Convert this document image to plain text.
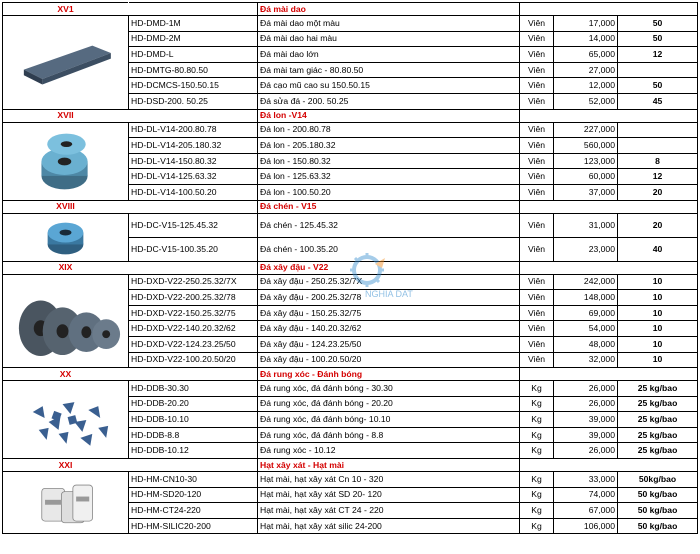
XV1		Đá mài dao			

	HD-DMD-1M	Đá mài dao một màu	Viên	17,000	50
	HD-DMD-2M	Đá mài dao hai màu	Viên	14,000	50
	HD-DMD-L	Đá mài dao lớn	Viên	65,000	12
	HD-DMTG-80.80.50	Đá mài tam giác - 80.80.50	Viên	27,000	
	HD-DCMCS-150.50.15	Đá cạo mũ cao su 150.50.15	Viên	12,000	50
	HD-DSD-200. 50.25	Đá sửa đá - 200. 50.25	Viên	52,000	45
XVII		Đá lon -V14			

	HD-DL-V14-200.80.78	Đá lon - 200.80.78	Viên	227,000	
	HD-DL-V14-205.180.32	Đá lon - 205.180.32	Viên	560,000	
	HD-DL-V14-150.80.32	Đá lon - 150.80.32	Viên	123,000	8
	HD-DL-V14-125.63.32	Đá lon - 125.63.32	Viên	60,000	12
	HD-DL-V14-100.50.20	Đá lon - 100.50.20	Viên	37,000	20
XVIII		Đá chén - V15			

	HD-DC-V15-125.45.32	Đá chén - 125.45.32	Viên	31,000	20
	HD-DC-V15-100.35.20	Đá chén - 100.35.20	Viên	23,000	40
XIX		Đá xây đậu - V22			

	HD-DXD-V22-250.25.32/7X	Đá xây đậu - 250.25.32/7X	Viên	242,000	10
	HD-DXD-V22-200.25.32/78	Đá xây đậu - 200.25.32/78	Viên	148,000	10
	HD-DXD-V22-150.25.32/75	Đá xây đậu - 150.25.32/75	Viên	69,000	10
	HD-DXD-V22-140.20.32/62	Đá xây đậu - 140.20.32/62	Viên	54,000	10
	HD-DXD-V22-124.23.25/50	Đá xây đậu - 124.23.25/50	Viên	48,000	10
	HD-DXD-V22-100.20.50/20	Đá xây đậu - 100.20.50/20	Viên	32,000	10
XX		Đá rung xóc - Đánh bóng			

	HD-DDB-30.30	Đá rung xóc, đá đánh bóng - 30.30	Kg	26,000	25 kg/bao
	HD-DDB-20.20	Đá rung xóc, đá đánh bóng - 20.20	Kg	26,000	25 kg/bao
	HD-DDB-10.10	Đá rung xóc, đá đánh bóng- 10.10	Kg	39,000	25 kg/bao
	HD-DDB-8.8	Đá rung xóc, đá đánh bóng - 8.8	Kg	39,000	25 kg/bao
	HD-DDB-10.12	Đá rung xóc - 10.12	Kg	26,000	25 kg/bao
XXI		Hạt xây xát - Hạt mài			

	HD-HM-CN10-30	Hạt mài, hạt xây xát Cn 10 - 320	Kg	33,000	50kg/bao
	HD-HM-SD20-120	Hạt mài, hạt xây xát SD 20- 120	Kg	74,000	50 kg/bao
	HD-HM-CT24-220	Hạt mài, hạt xây xát CT 24 - 220	Kg	67,000	50 kg/bao
	HD-HM-SILIC20-200	Hạt mài, hạt xây xát silic 24-200	Kg	106,000	50 kg/bao
NGHIA DAT
